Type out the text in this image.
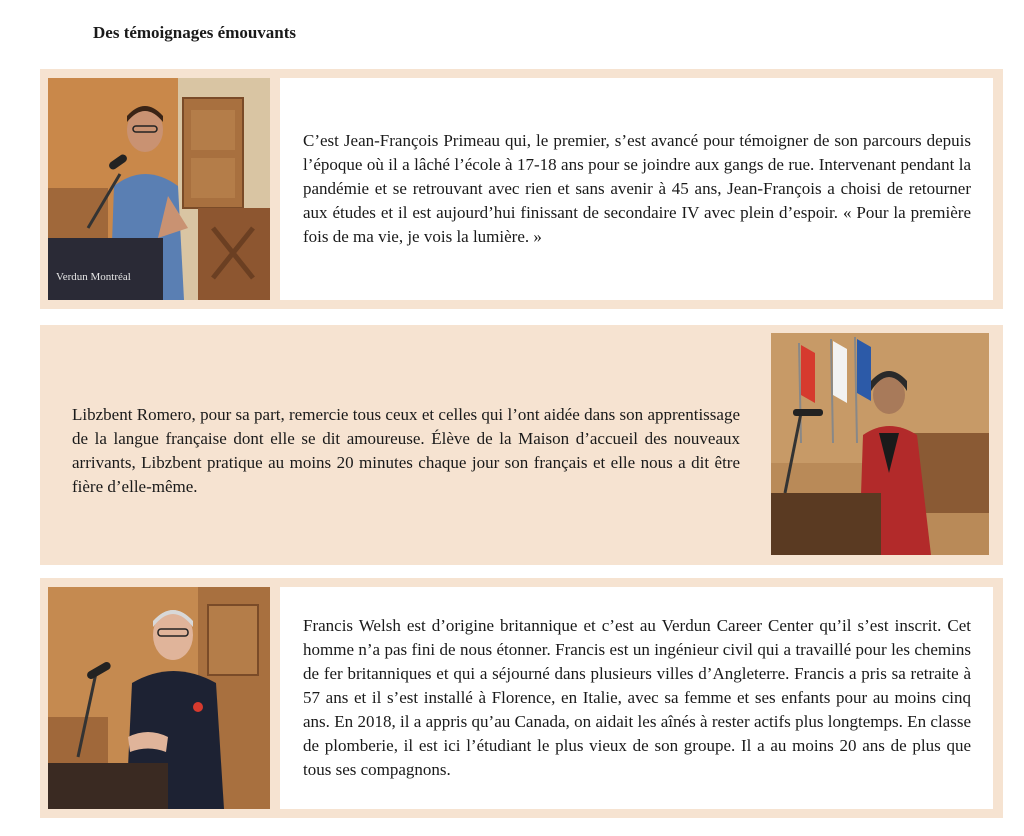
Des témoignages émouvants
Verdun Montréal

C’est Jean-François Primeau qui, le premier, s’est avancé pour témoigner de son parcours depuis l’époque où il a lâché l’école à 17-18 ans pour se joindre aux gangs de rue. Intervenant pendant la pandémie et se retrouvant avec rien et sans avenir à 45 ans, Jean-François a choisi de retourner aux études et il est aujourd’hui finissant de secondaire IV avec plein d’espoir. « Pour la première fois de ma vie, je vois la lumière. »

Libzbent Romero, pour sa part, remercie tous ceux et celles qui l’ont aidée dans son apprentissage de la langue française dont elle se dit amoureuse. Élève de la Maison d’accueil des nouveaux arrivants, Libzbent pratique au moins 20 minutes chaque jour son français et elle nous a dit être fière d’elle-même.

Francis Welsh est d’origine britannique et c’est au Verdun Career Center qu’il s’est inscrit. Cet homme n’a pas fini de nous étonner. Francis est un ingénieur civil qui a travaillé pour les chemins de fer britanniques et qui a séjourné dans plusieurs villes d’Angleterre. Francis a pris sa retraite à 57 ans et il s’est installé à Florence, en Italie, avec sa femme et ses enfants pour au moins cinq ans. En 2018, il a appris qu’au Canada, on aidait les aînés à rester actifs plus longtemps. En classe de plomberie, il est ici l’étudiant le plus vieux de son groupe. Il a au moins 20 ans de plus que tous ses compagnons.
